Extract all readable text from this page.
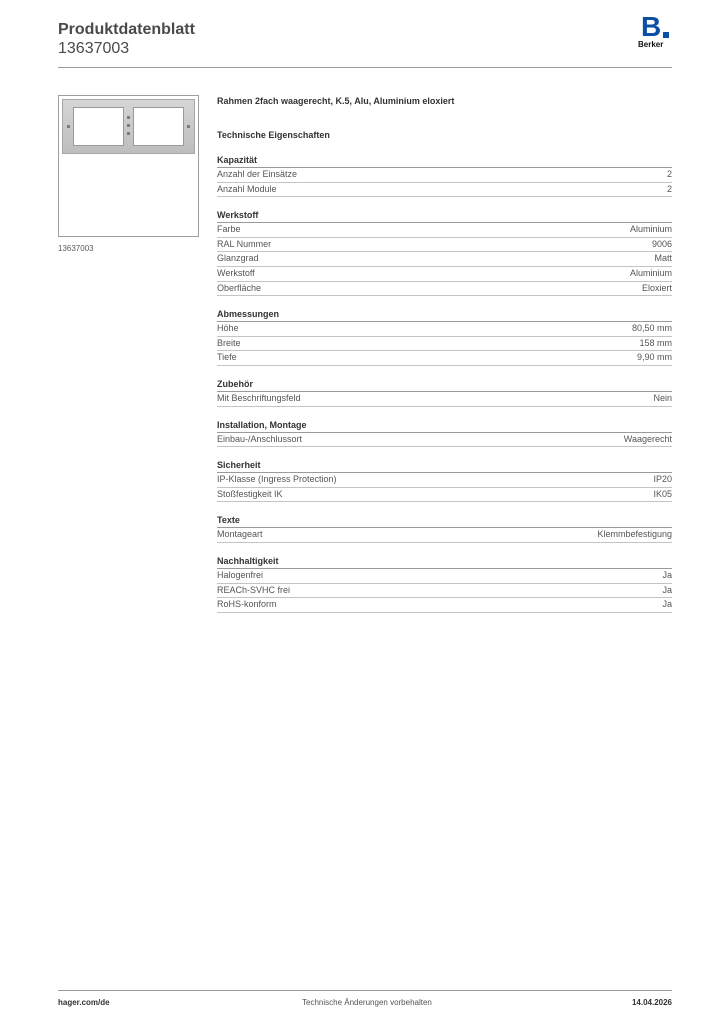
Produktdatenblatt
13637003
B
Berker
13637003
Rahmen 2fach waagerecht, K.5, Alu, Aluminium eloxiert
Technische Eigenschaften
Kapazität
Anzahl der Einsätze	2
Anzahl Module	2
Werkstoff
Farbe	Aluminium
RAL Nummer	9006
Glanzgrad	Matt
Werkstoff	Aluminium
Oberfläche	Eloxiert
Abmessungen
Höhe	80,50 mm
Breite	158 mm
Tiefe	9,90 mm
Zubehör
Mit Beschriftungsfeld	Nein
Installation, Montage
Einbau-/Anschlussort	Waagerecht
Sicherheit
IP-Klasse (Ingress Protection)	IP20
Stoßfestigkeit IK	IK05
Texte
Montageart	Klemmbefestigung
Nachhaltigkeit
Halogenfrei	Ja
REACh-SVHC frei	Ja
RoHS-konform	Ja
hager.com/de	Technische Änderungen vorbehalten	14.04.2026
